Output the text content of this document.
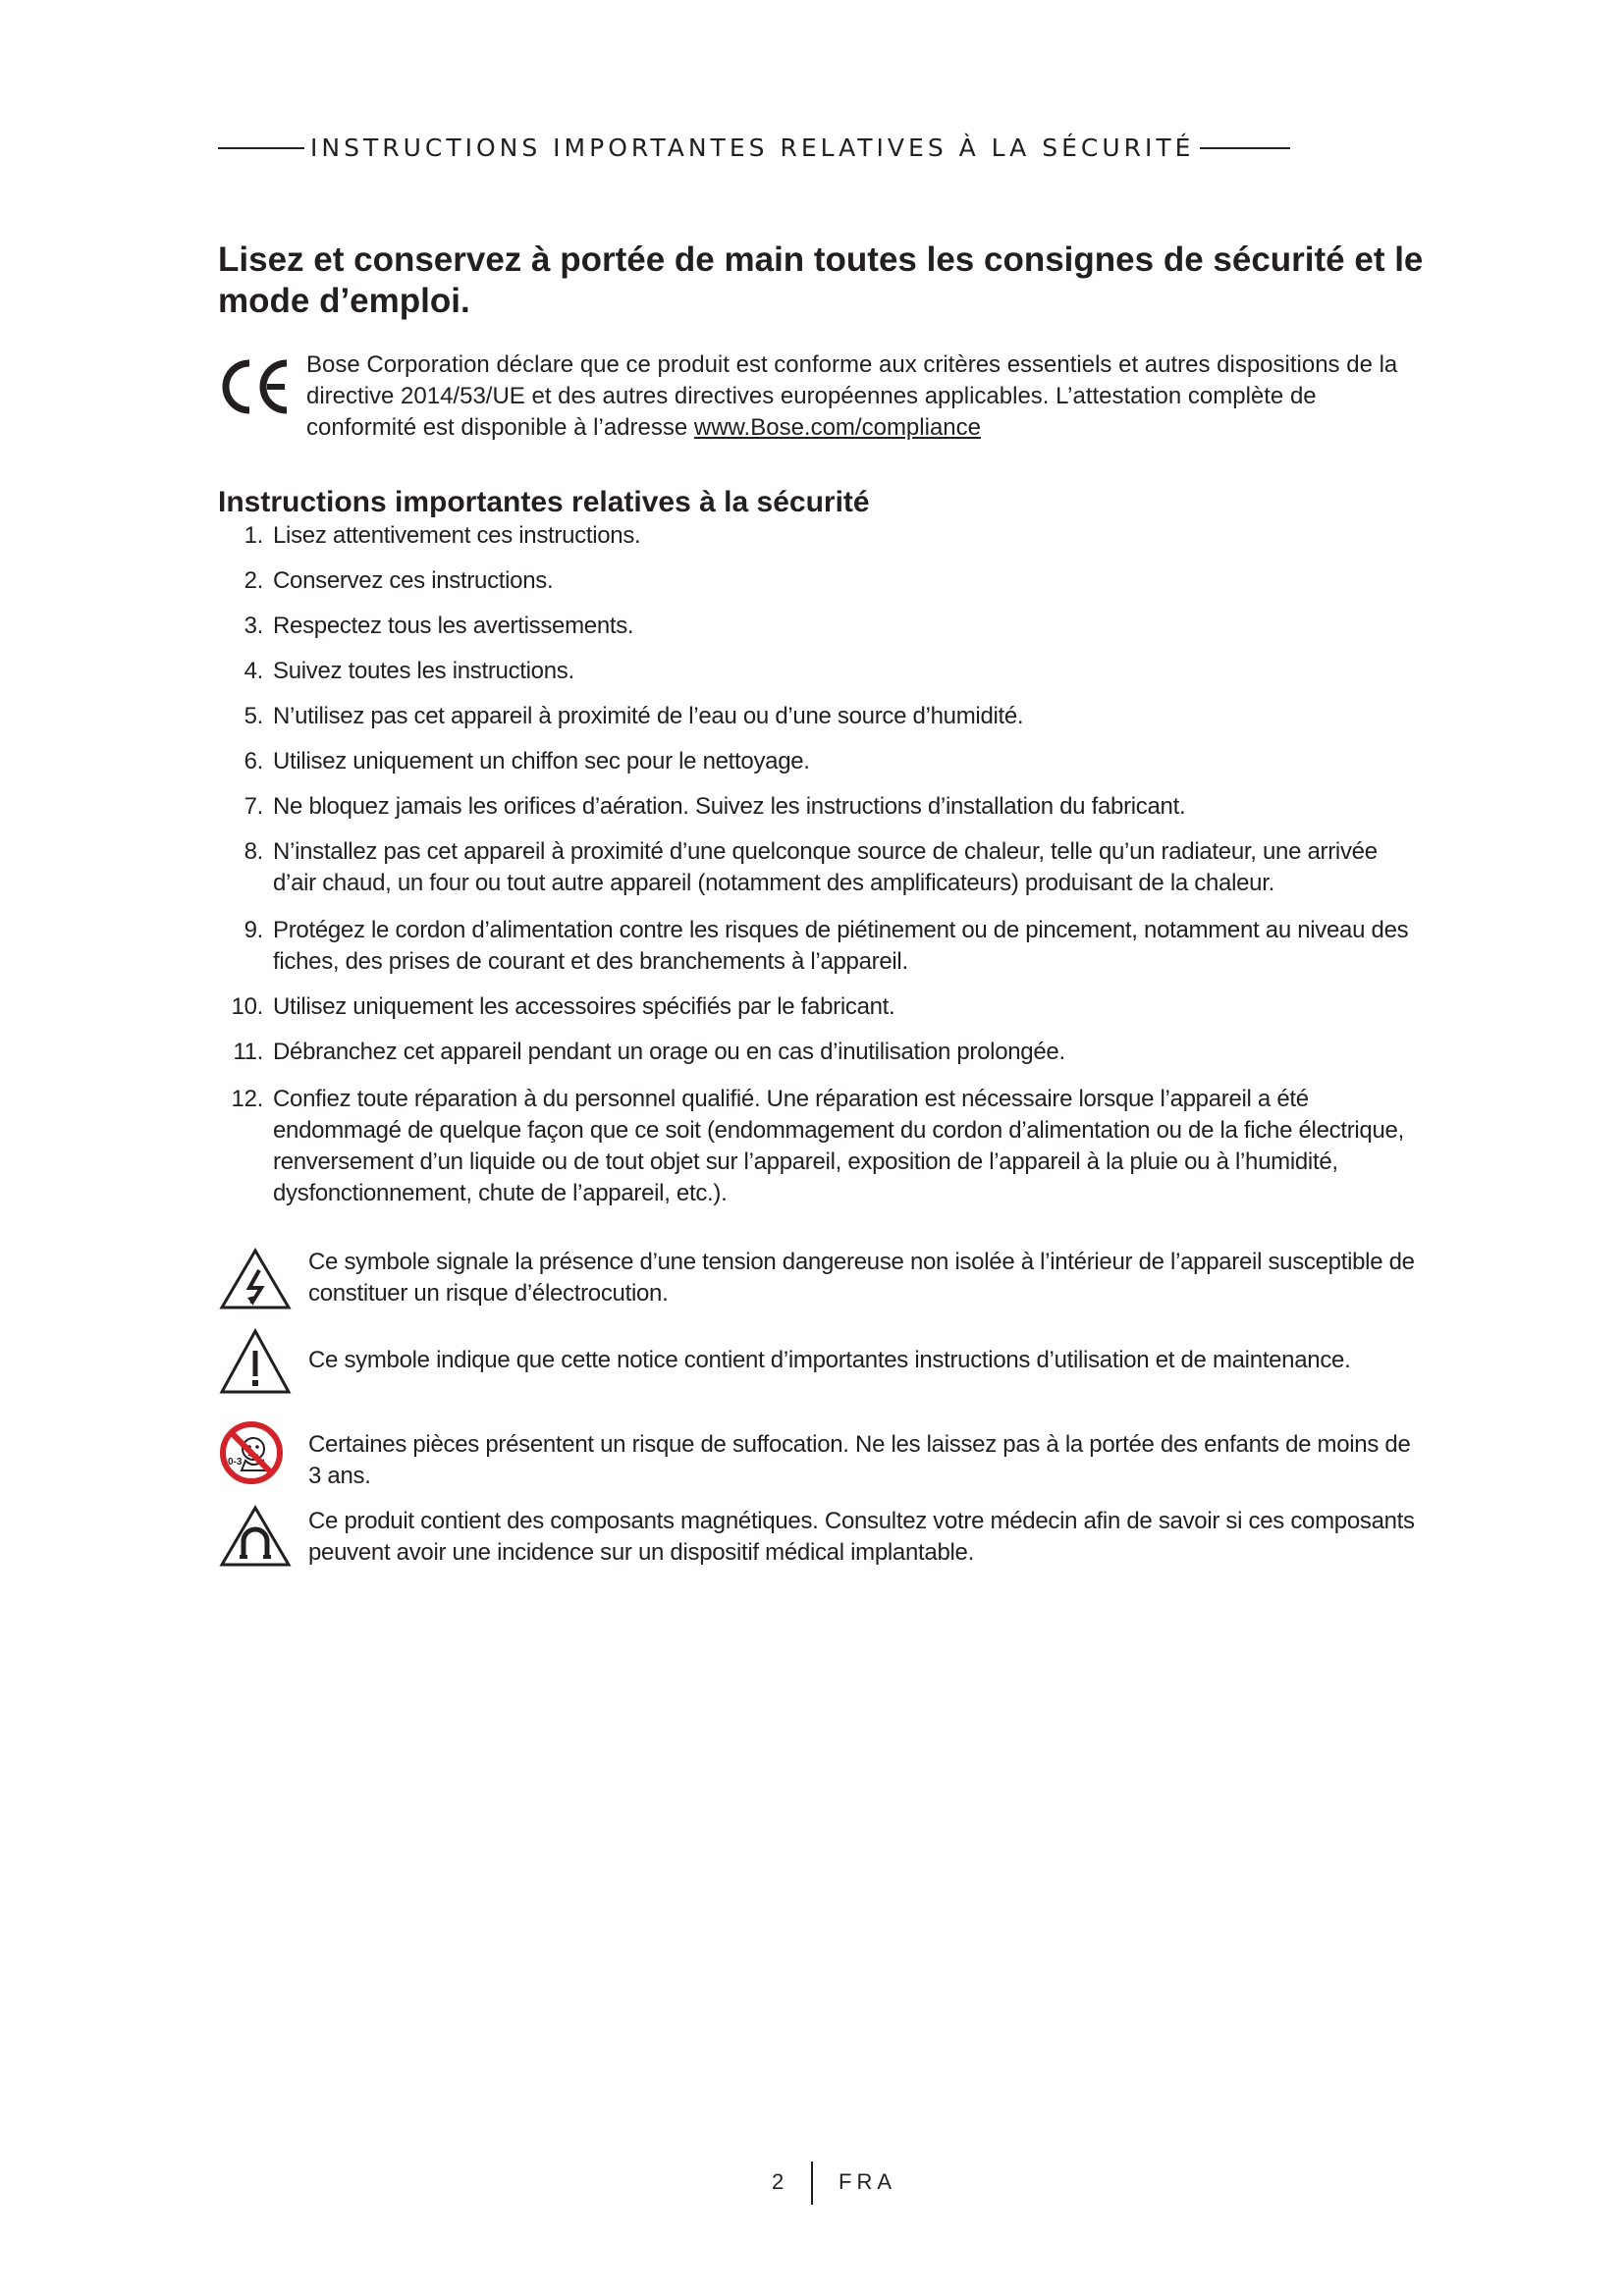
INSTRUCTIONS IMPORTANTES RELATIVES À LA SÉCURITÉ
Lisez et conservez à portée de main toutes les consignes de sécurité et le mode d’emploi.
Bose Corporation déclare que ce produit est conforme aux critères essentiels et autres dispositions de la directive 2014/53/UE et des autres directives européennes applicables. L’attestation complète de conformité est disponible à l’adresse www.Bose.com/compliance
Instructions importantes relatives à la sécurité
1. Lisez attentivement ces instructions.
2. Conservez ces instructions.
3. Respectez tous les avertissements.
4. Suivez toutes les instructions.
5. N’utilisez pas cet appareil à proximité de l’eau ou d’une source d’humidité.
6. Utilisez uniquement un chiffon sec pour le nettoyage.
7. Ne bloquez jamais les orifices d’aération. Suivez les instructions d’installation du fabricant.
8. N’installez pas cet appareil à proximité d’une quelconque source de chaleur, telle qu’un radiateur, une arrivée d’air chaud, un four ou tout autre appareil (notamment des amplificateurs) produisant de la chaleur.
9. Protégez le cordon d’alimentation contre les risques de piétinement ou de pincement, notamment au niveau des fiches, des prises de courant et des branchements à l’appareil.
10. Utilisez uniquement les accessoires spécifiés par le fabricant.
11. Débranchez cet appareil pendant un orage ou en cas d’inutilisation prolongée.
12. Confiez toute réparation à du personnel qualifié. Une réparation est nécessaire lorsque l’appareil a été endommagé de quelque façon que ce soit (endommagement du cordon d’alimentation ou de la fiche électrique, renversement d’un liquide ou de tout objet sur l’appareil, exposition de l’appareil à la pluie ou à l’humidité, dysfonctionnement, chute de l’appareil, etc.).
Ce symbole signale la présence d’une tension dangereuse non isolée à l’intérieur de l’appareil susceptible de constituer un risque d’électrocution.
Ce symbole indique que cette notice contient d’importantes instructions d’utilisation et de maintenance.
0-3
Certaines pièces présentent un risque de suffocation. Ne les laissez pas à la portée des enfants de moins de 3 ans.
Ce produit contient des composants magnétiques. Consultez votre médecin afin de savoir si ces composants peuvent avoir une incidence sur un dispositif médical implantable.
2 FRA
